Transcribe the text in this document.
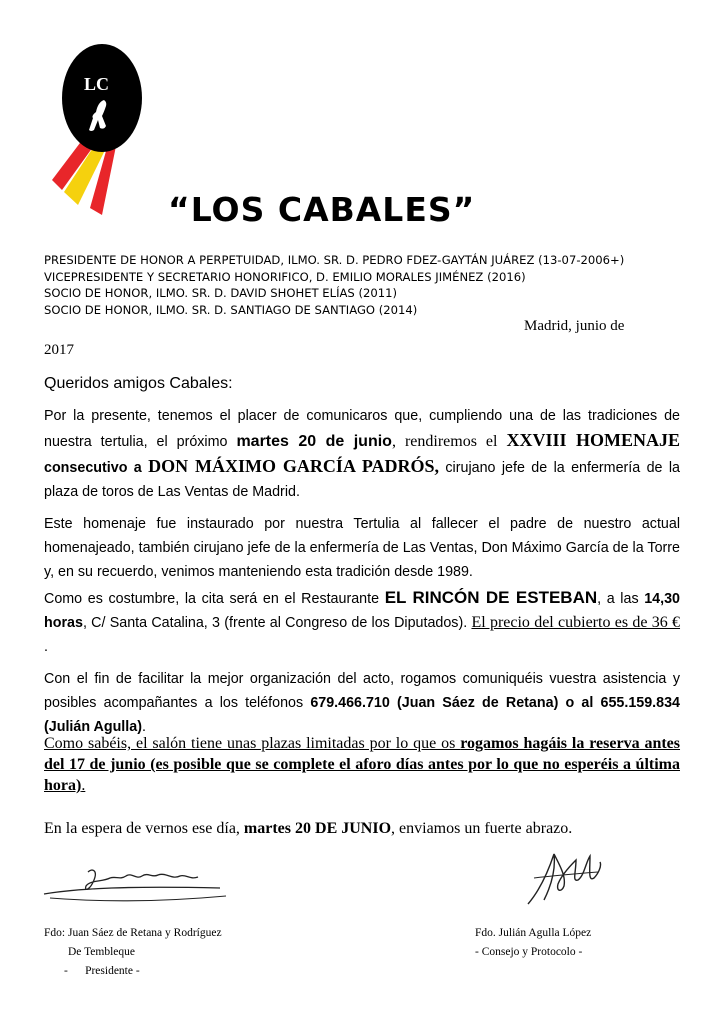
LC
“LOS CABALES”
PRESIDENTE DE HONOR A PERPETUIDAD, ILMO. SR. D. PEDRO FDEZ-GAYTÁN JUÁREZ (13-07-2006+)
VICEPRESIDENTE Y SECRETARIO HONORIFICO, D. EMILIO MORALES JIMÉNEZ (2016)
SOCIO DE HONOR, ILMO. SR. D. DAVID SHOHET ELÍAS (2011)
SOCIO DE HONOR, ILMO. SR. D. SANTIAGO DE SANTIAGO (2014)
Madrid, junio de
2017
Queridos amigos Cabales:
Por la presente, tenemos el placer de comunicaros que, cumpliendo una de las tradiciones de nuestra tertulia, el próximo martes 20 de junio, rendiremos el XXVIII HOMENAJE consecutivo a DON MÁXIMO GARCÍA PADRÓS, cirujano jefe de la enfermería de la plaza de toros de Las Ventas de Madrid.
Este homenaje fue instaurado por nuestra Tertulia al fallecer el padre de nuestro actual homenajeado, también cirujano jefe de la enfermería de Las Ventas, Don Máximo García de la Torre y, en su recuerdo, venimos manteniendo esta tradición desde 1989.
Como es costumbre, la cita será en el Restaurante EL RINCÓN DE ESTEBAN, a las 14,30 horas, C/ Santa Catalina, 3 (frente al Congreso de los Diputados). El precio del cubierto es de 36 € .
Con el fin de facilitar la mejor organización del acto, rogamos comuniquéis vuestra asistencia y posibles acompañantes a los teléfonos 679.466.710 (Juan Sáez de Retana) o al 655.159.834 (Julián Agulla).
Como sabéis, el salón tiene unas plazas limitadas por lo que os rogamos hagáis la reserva antes del 17 de junio (es posible que se complete el aforo días antes por lo que no esperéis a última hora).
En la espera de vernos ese día, martes 20 DE JUNIO, enviamos un fuerte abrazo.
Fdo: Juan Sáez de Retana y Rodríguez
De Tembleque
-      Presidente -
Fdo. Julián Agulla López
- Consejo y Protocolo -
